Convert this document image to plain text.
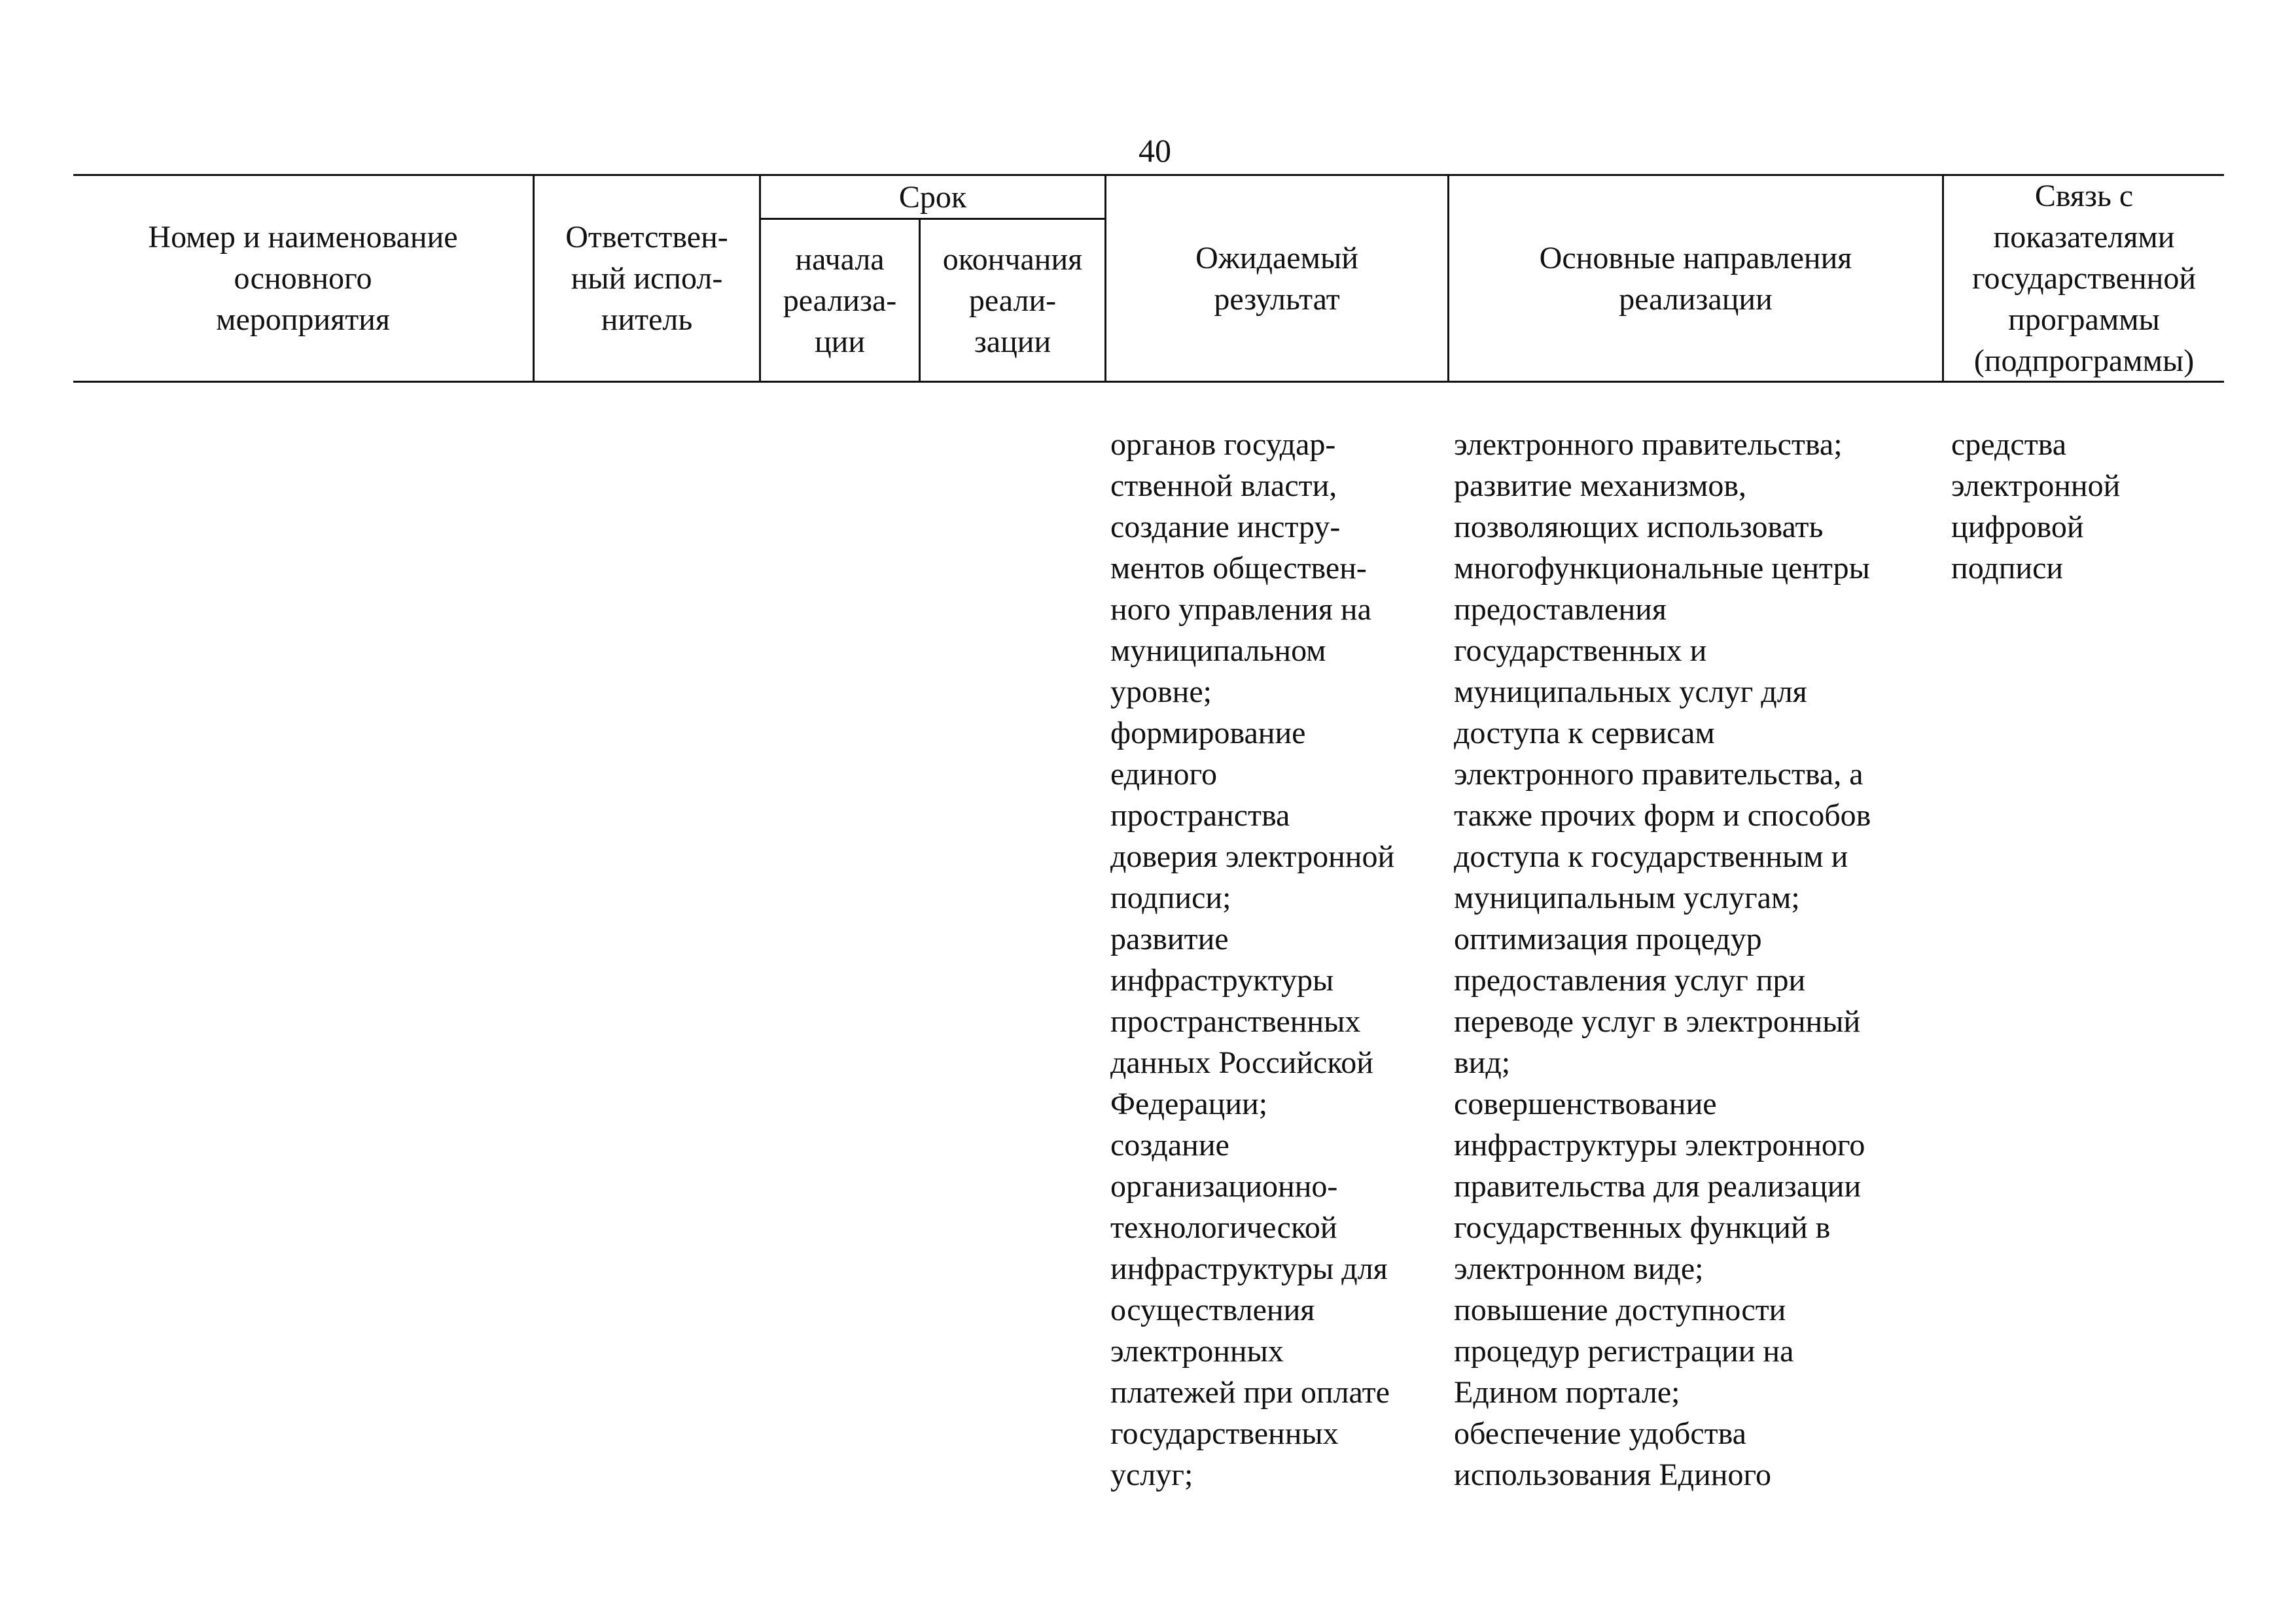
40
Номер и наименование
основного
мероприятия
Ответствен-
ный испол-
нитель
Срок
начала
реализа-
ции
окончания
реали-
зации
Ожидаемый
результат
Основные направления
реализации
Связь с
показателями
государственной
программы
(подпрограммы)
органов государ-
ственной власти,
создание инстру-
ментов обществен-
ного управления на
муниципальном
уровне;
формирование
единого
пространства
доверия электронной
подписи;
развитие
инфраструктуры
пространственных
данных Российской
Федерации;
создание
организационно-
технологической
инфраструктуры для
осуществления
электронных
платежей при оплате
государственных
услуг;
электронного правительства;
развитие механизмов,
позволяющих использовать
многофункциональные центры
предоставления
государственных и
муниципальных услуг для
доступа к сервисам
электронного правительства, а
также прочих форм и способов
доступа к государственным и
муниципальным услугам;
оптимизация процедур
предоставления услуг при
переводе услуг в электронный
вид;
совершенствование
инфраструктуры электронного
правительства для реализации
государственных функций в
электронном виде;
повышение доступности
процедур регистрации на
Едином портале;
обеспечение удобства
использования Единого
средства
электронной
цифровой
подписи
